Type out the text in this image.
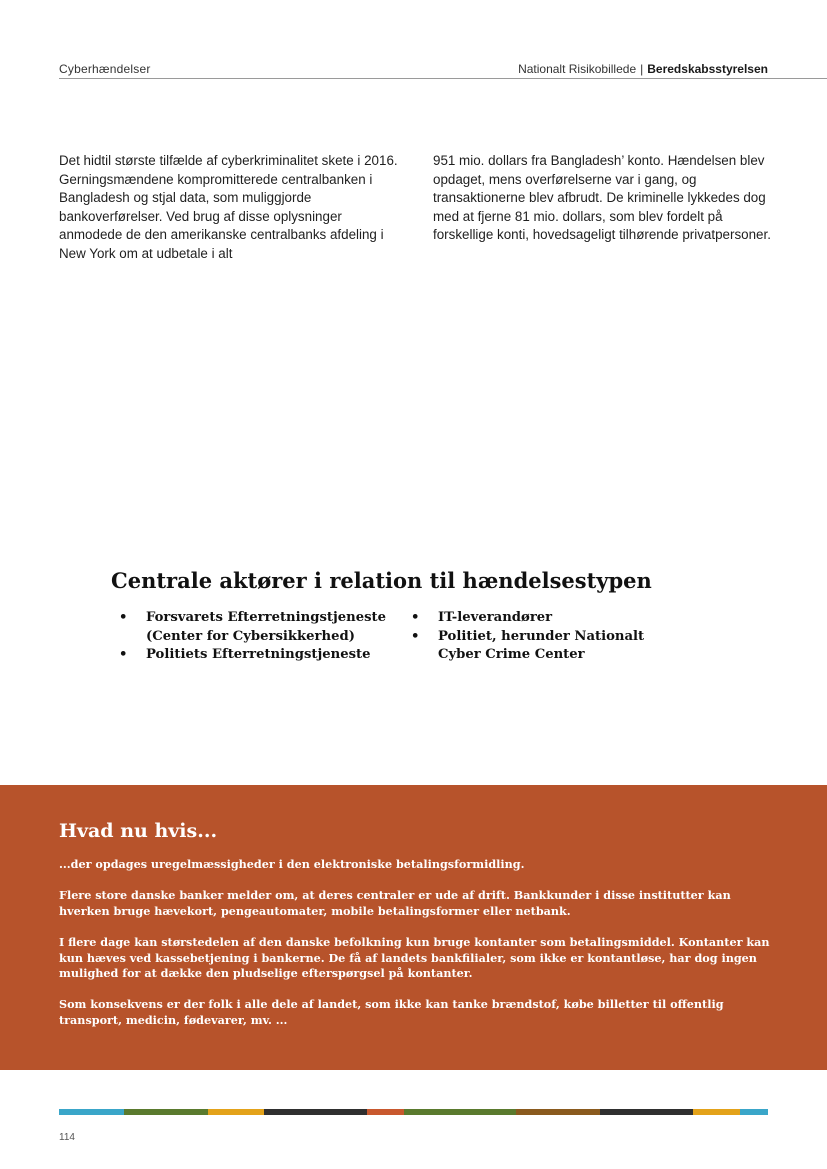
Cyberhændelser	Nationalt Risikobillede | Beredskabsstyrelsen

Det hidtil største tilfælde af cyberkriminalitet skete i 2016. Gerningsmændene kompromitterede centralbanken i Bangladesh og stjal data, som muliggjorde bankoverførelser. Ved brug af disse oplysninger anmodede de den amerikanske centralbanks afdeling i New York om at udbetale i alt

951 mio. dollars fra Bangladesh’ konto. Hændelsen blev opdaget, mens overførelserne var i gang, og transaktionerne blev afbrudt. De kriminelle lykkedes dog med at fjerne 81 mio. dollars, som blev fordelt på forskellige konti, hovedsageligt tilhørende privatpersoner.

Centrale aktører i relation til hændelsestypen
• Forsvarets Efterretningstjeneste (Center for Cybersikkerhed)
• Politiets Efterretningstjeneste
• IT-leverandører
• Politiet, herunder Nationalt Cyber Crime Center
Hvad nu hvis...

...der opdages uregelmæssigheder i den elektroniske betalingsformidling.

Flere store danske banker melder om, at deres centraler er ude af drift. Bankkunder i disse institutter kan hverken bruge hævekort, pengeautomater, mobile betalingsformer eller netbank.

I flere dage kan størstedelen af den danske befolkning kun bruge kontanter som betalingsmiddel. Kontanter kan kun hæves ved kassebetjening i bankerne. De få af landets bankfilialer, som ikke er kontantløse, har dog ingen mulighed for at dække den pludselige efterspørgsel på kontanter.

Som konsekvens er der folk i alle dele af landet, som ikke kan tanke brændstof, købe billetter til offentlig transport, medicin, fødevarer, mv. ...

114
